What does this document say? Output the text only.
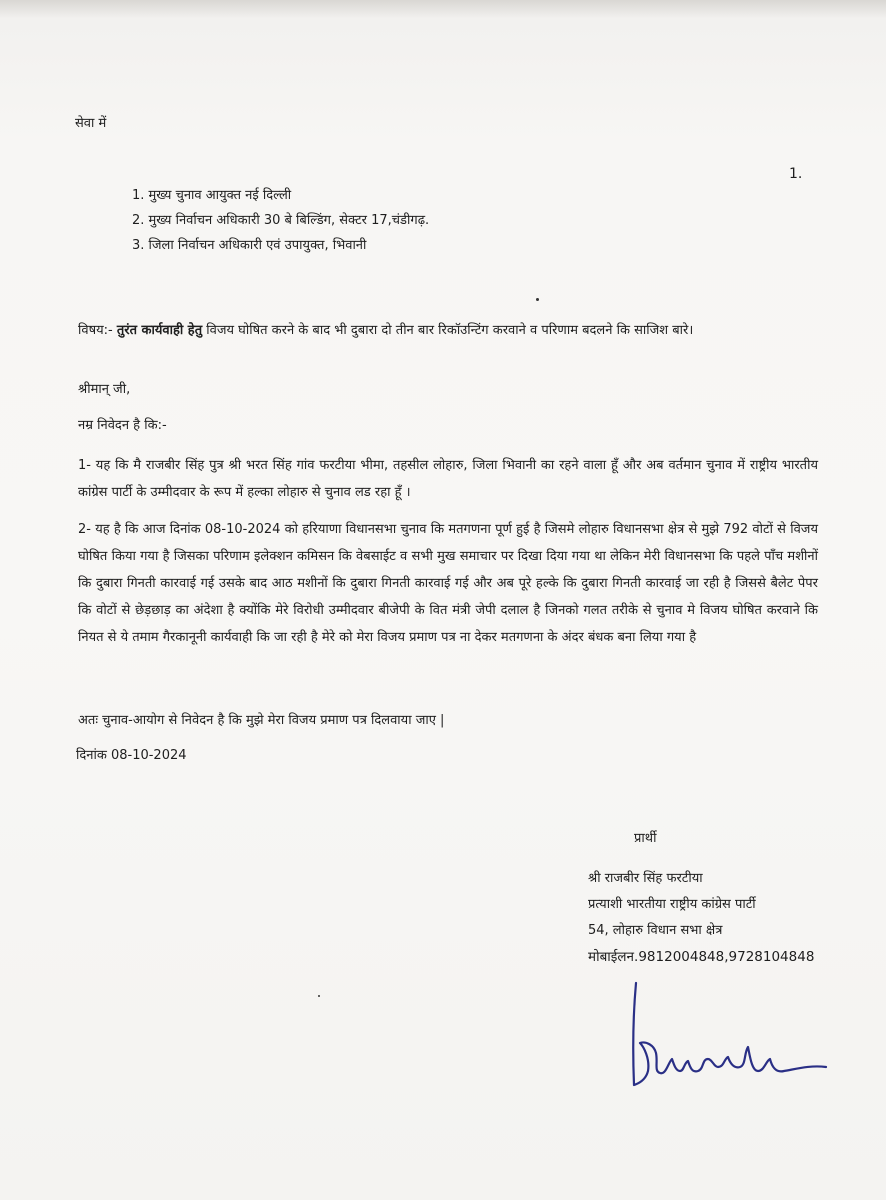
सेवा में
1.
1. मुख्य चुनाव आयुक्त नई दिल्ली
2. मुख्य निर्वाचन अधिकारी 30 बे बिल्डिंग, सेक्टर 17,चंडीगढ़.
3. जिला निर्वाचन अधिकारी एवं उपायुक्त, भिवानी
विषय:- तुरंत कार्यवाही हेतु विजय घोषित करने के बाद भी दुबारा दो तीन बार रिकॉउन्टिंग करवाने व परिणाम बदलने कि साजिश बारे।
श्रीमान् जी,
नम्र निवेदन है कि:-
1- यह कि मै राजबीर सिंह पुत्र श्री भरत सिंह गांव फरटीया भीमा, तहसील लोहारु, जिला भिवानी का रहने वाला हूँ और अब वर्तमान चुनाव में राष्ट्रीय भारतीय कांग्रेस पार्टी के उम्मीदवार के रूप में हल्का लोहारु से चुनाव लड रहा हूँ ।
2- यह है कि आज दिनांक 08-10-2024 को हरियाणा विधानसभा चुनाव कि मतगणना पूर्ण हुई है जिसमे लोहारु विधानसभा क्षेत्र से मुझे 792 वोटों से विजय घोषित किया गया है जिसका परिणाम इलेक्शन कमिसन कि वेबसाईट व सभी मुख समाचार पर दिखा दिया गया था लेकिन मेरी विधानसभा कि पहले पाँच मशीनों कि दुबारा गिनती कारवाई गई उसके बाद आठ मशीनों कि दुबारा गिनती कारवाई गई और अब पूरे हल्के कि दुबारा गिनती कारवाई जा रही है जिससे बैलेट पेपर कि वोटों से छेड़छाड़ का अंदेशा है क्योंकि मेरे विरोधी उम्मीदवार बीजेपी के वित मंत्री जेपी दलाल है जिनको गलत तरीके से चुनाव मे विजय घोषित करवाने कि नियत से ये तमाम गैरकानूनी कार्यवाही कि जा रही है मेरे को मेरा विजय प्रमाण पत्र ना देकर मतगणना के अंदर बंधक बना लिया गया है
अतः चुनाव-आयोग से निवेदन है कि मुझे मेरा विजय प्रमाण पत्र दिलवाया जाए |
दिनांक 08-10-2024
प्रार्थी
श्री राजबीर सिंह फरटीया
प्रत्याशी भारतीया राष्ट्रीय कांग्रेस पार्टी
54, लोहारु विधान सभा क्षेत्र
मोबाईलन.9812004848,9728104848
